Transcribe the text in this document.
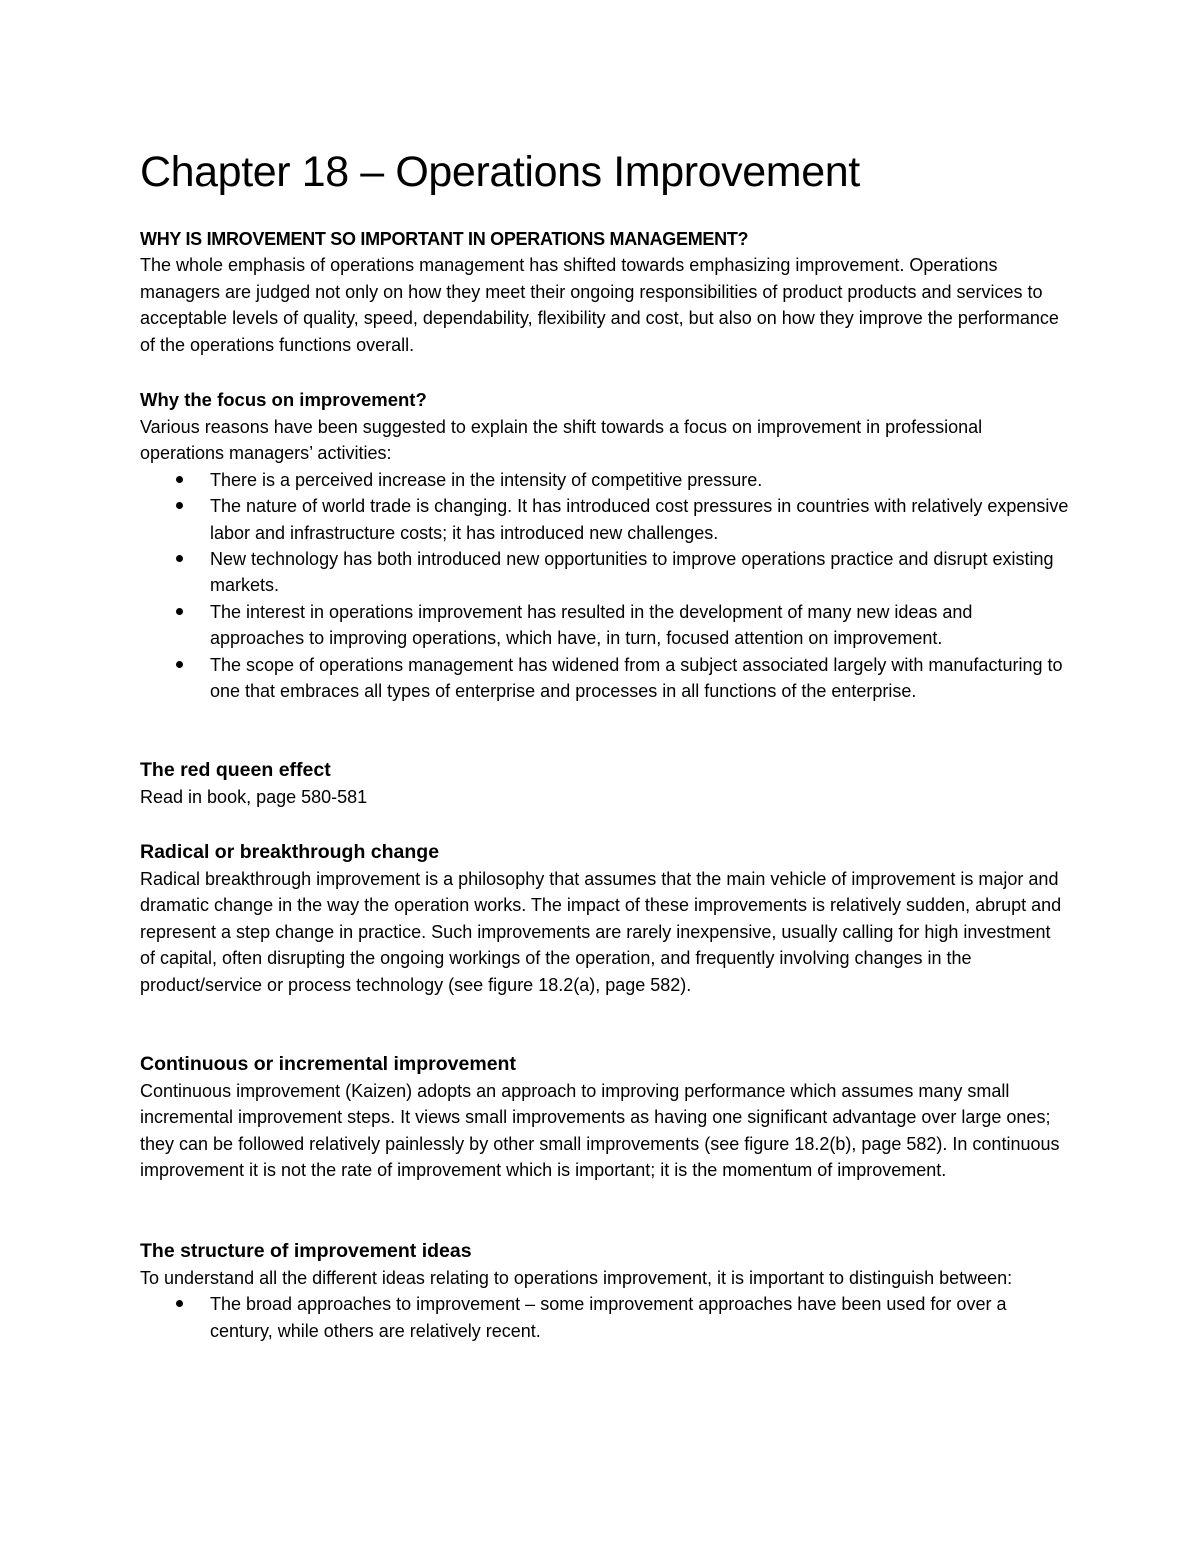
Chapter 18 – Operations Improvement
WHY IS IMROVEMENT SO IMPORTANT IN OPERATIONS MANAGEMENT?

The whole emphasis of operations management has shifted towards emphasizing improvement. Operations managers are judged not only on how they meet their ongoing responsibilities of product products and services to acceptable levels of quality, speed, dependability, flexibility and cost, but also on how they improve the performance of the operations functions overall.

Why the focus on improvement?

Various reasons have been suggested to explain the shift towards a focus on improvement in professional operations managers’ activities:

There is a perceived increase in the intensity of competitive pressure.
The nature of world trade is changing. It has introduced cost pressures in countries with relatively expensive labor and infrastructure costs; it has introduced new challenges.
New technology has both introduced new opportunities to improve operations practice and disrupt existing markets.
The interest in operations improvement has resulted in the development of many new ideas and approaches to improving operations, which have, in turn, focused attention on improvement.
The scope of operations management has widened from a subject associated largely with manufacturing to one that embraces all types of enterprise and processes in all functions of the enterprise.
The red queen effect

Read in book, page 580-581

Radical or breakthrough change

Radical breakthrough improvement is a philosophy that assumes that the main vehicle of improvement is major and dramatic change in the way the operation works. The impact of these improvements is relatively sudden, abrupt and represent a step change in practice. Such improvements are rarely inexpensive, usually calling for high investment of capital, often disrupting the ongoing workings of the operation, and frequently involving changes in the product/service or process technology (see figure 18.2(a), page 582).

Continuous or incremental improvement

Continuous improvement (Kaizen) adopts an approach to improving performance which assumes many small incremental improvement steps. It views small improvements as having one significant advantage over large ones; they can be followed relatively painlessly by other small improvements (see figure 18.2(b), page 582). In continuous improvement it is not the rate of improvement which is important; it is the momentum of improvement.

The structure of improvement ideas

To understand all the different ideas relating to operations improvement, it is important to distinguish between:

The broad approaches to improvement – some improvement approaches have been used for over a century, while others are relatively recent.
